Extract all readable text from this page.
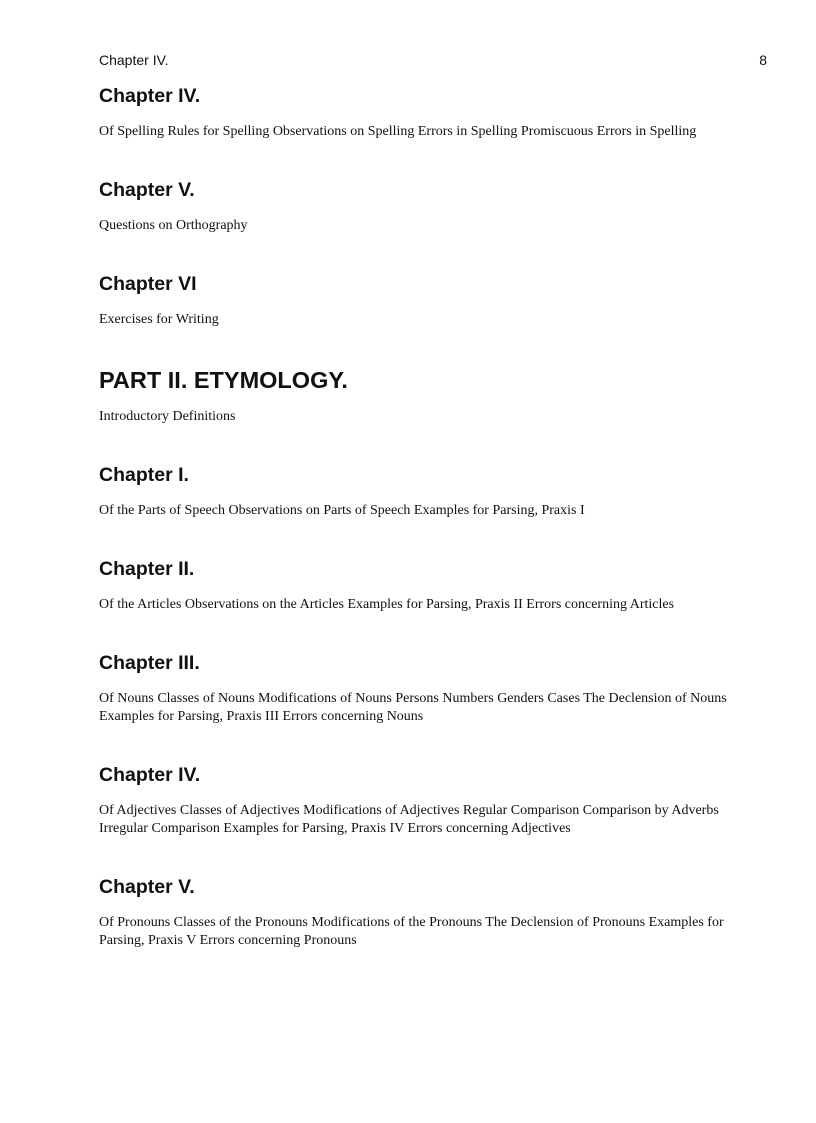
Chapter IV.	8
Chapter IV.

Of Spelling Rules for Spelling Observations on Spelling Errors in Spelling Promiscuous Errors in Spelling

Chapter V.

Questions on Orthography

Chapter VI

Exercises for Writing

PART II. ETYMOLOGY.

Introductory Definitions

Chapter I.

Of the Parts of Speech Observations on Parts of Speech Examples for Parsing, Praxis I

Chapter II.

Of the Articles Observations on the Articles Examples for Parsing, Praxis II Errors concerning Articles

Chapter III.

Of Nouns Classes of Nouns Modifications of Nouns Persons Numbers Genders Cases The Declension of Nouns Examples for Parsing, Praxis III Errors concerning Nouns

Chapter IV.

Of Adjectives Classes of Adjectives Modifications of Adjectives Regular Comparison Comparison by Adverbs Irregular Comparison Examples for Parsing, Praxis IV Errors concerning Adjectives

Chapter V.

Of Pronouns Classes of the Pronouns Modifications of the Pronouns The Declension of Pronouns Examples for Parsing, Praxis V Errors concerning Pronouns
